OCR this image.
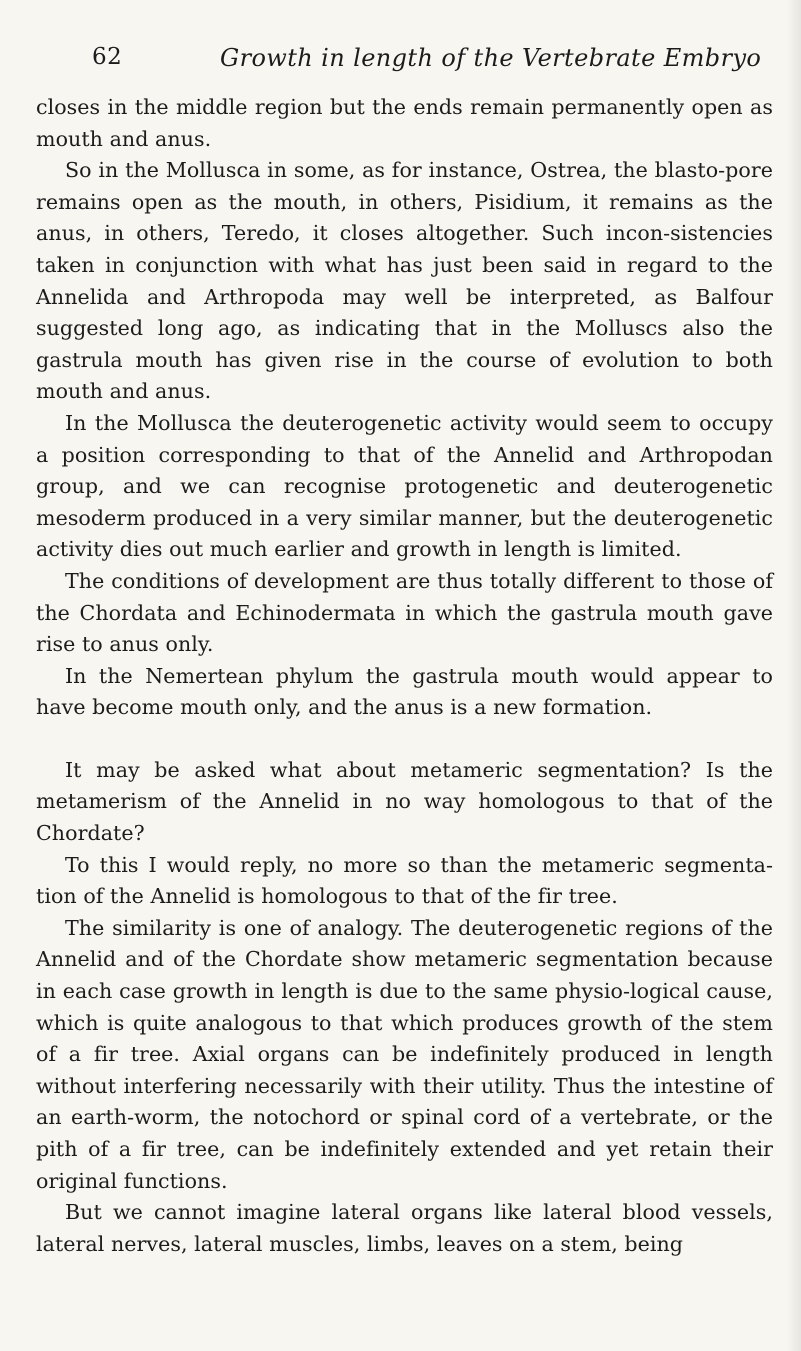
62	Growth in length of the Vertebrate Embryo

closes in the middle region but the ends remain permanently open as mouth and anus.

So in the Mollusca in some, as for instance, Ostrea, the blasto-pore remains open as the mouth, in others, Pisidium, it remains as the anus, in others, Teredo, it closes altogether. Such incon-sistencies taken in conjunction with what has just been said in regard to the Annelida and Arthropoda may well be interpreted, as Balfour suggested long ago, as indicating that in the Molluscs also the gastrula mouth has given rise in the course of evolution to both mouth and anus.

In the Mollusca the deuterogenetic activity would seem to occupy a position corresponding to that of the Annelid and Arthropodan group, and we can recognise protogenetic and deuterogenetic mesoderm produced in a very similar manner, but the deuterogenetic activity dies out much earlier and growth in length is limited.

The conditions of development are thus totally different to those of the Chordata and Echinodermata in which the gastrula mouth gave rise to anus only.

In the Nemertean phylum the gastrula mouth would appear to have become mouth only, and the anus is a new formation.

It may be asked what about metameric segmentation? Is the metamerism of the Annelid in no way homologous to that of the Chordate?

To this I would reply, no more so than the metameric segmenta-tion of the Annelid is homologous to that of the fir tree.

The similarity is one of analogy. The deuterogenetic regions of the Annelid and of the Chordate show metameric segmentation because in each case growth in length is due to the same physio-logical cause, which is quite analogous to that which produces growth of the stem of a fir tree. Axial organs can be indefinitely produced in length without interfering necessarily with their utility. Thus the intestine of an earth-worm, the notochord or spinal cord of a vertebrate, or the pith of a fir tree, can be indefinitely extended and yet retain their original functions.

But we cannot imagine lateral organs like lateral blood vessels, lateral nerves, lateral muscles, limbs, leaves on a stem, being
